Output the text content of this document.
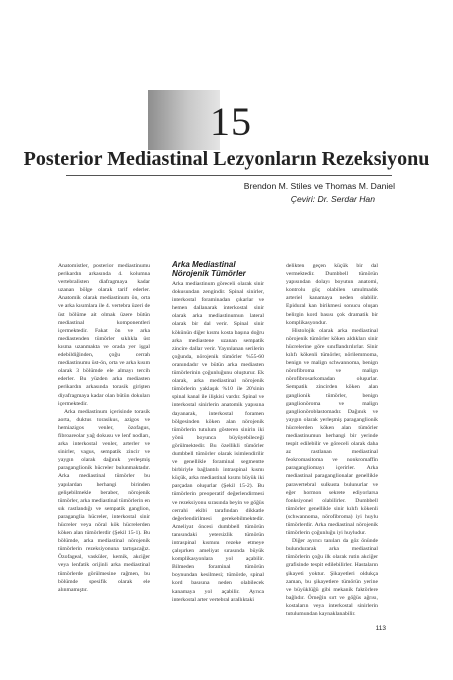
15
Posterior Mediastinal Lezyonların Rezeksiyonu
Brendon M. Stiles ve Thomas M. Daniel
Çeviri: Dr. Serdar Han

Anatomistler, posterior mediastinumu perikardın arkasında 4. kolumna vertebralisten diafragmaya kadar uzanan bölge olarak tarif ederler. Anatomik olarak mediastinum ön, orta ve arka kısımlara ile 4. vertebra üzeri de üst bölüme ait olmak üzere bütün mediastinal komponentleri içermektedir. Fakat ön ve arka mediastenden tümörler sıklıkla üst kısma uzanmakta ve orada yer işgal edebildiğinden, çoğu cerrah mediastinumu üst-ön, orta ve arka kısım olarak 3 bölümde ele almayı tercih ederler. Bu yüzden arka mediasten perikardın arkasında torasik girişten diyafragmaya kadar olan bütün dokuları içermektedir.

Arka mediastinum içerisinde torasik aorta, duktus torasikus, azigos ve hemiazigos venler, özofagus, fibroareolar yağ dokusu ve lenf nodları, arka interkostal venler, arterler ve sinirler, vagus, sempatik zincir ve yaygın olarak dağınık yerleşmiş paraganglionik hücreler bulunmaktadır. Arka mediastinal tümörler bu yapılardan herhangi birinden gelişebilmekle beraber, nörojenik tümörler, arka mediastinal tümörlerin en sık rastlandığı ve sempatik ganglion, paraganglia hücreler, interkostal sinir hücreler veya nöral kök hücrelerden köken alan tümörlerdir (Şekil 15-1). Bu bölümde, arka mediastinal nörojenik tümörlerin rezeksiyonuna tartışacağız. Özofageal, vasküler, kemik, akciğer veya lenfatik orijinli arka mediastinal tümörlerde görülmesine rağmen, bu bölümde spesifik olarak ele alınmamıştır.

Arka Mediastinal Nörojenik Tümörler

Arka mediastinum göreceli olarak sinir dokusundan zengindir. Spinal sinirler, interkostal foraminadan çıkarlar ve hemen dallanarak interkostal sinir olarak arka mediastinumun lateral olarak bir dal verir. Spinal sinir kökünün diğer kısmı kosta başına doğru arka mediastene uzanan sempatik zincire dallar verir. Yayınlanan serilerin çoğunda, nörojenik tümörler %55-60 oranındadır ve bütün arka mediasten tümörlerinin çoğunluğunu oluşturur. Ek olarak, arka mediastinal nörojenik tümörlerin yaklaşık %10 ile 20'sinin spinal kanal ile ilişkisi vardır. Spinal ve interkostal sinirlerin anatomik yapısına dayanarak, interkostal foramen bölgesinden köken alan nörojenik tümörlerin tutulum gösteren sinirin iki yönü boyunca büyüyebileceği görülmektedir. Bu özellikli tümörler dumbbell tümörler olarak isimlendirilir ve genellikle foraminal segmentte birbiriyle bağlantılı intraspinal kısmı küçük, arka mediastinal kısmı büyük iki parçadan oluşurlar (Şekil 15-2). Bu tümörlerin preoperatif değerlendirmesi ve rezeksiyonu sırasında beyin ve göğüs cerrahi ekibi tarafından dikkatle değerlendirilmesi gerekebilmektedir. Ameliyat öncesi dumbbell tümörün tanısındaki yetersizlik tümörün intraspinal kısmını rezeke etmeye çalışırken ameliyat sırasında büyük komplikasyonlara yol açabilir. Bilmeden foraminal tümörün boynundan kesilmesi; tümörde, spinal kord basısına neden olabilecek kanamaya yol açabilir. Ayrıca interkostal arter vertebral arallıktaki

delikten geçen küçük bir dal vermektedir. Dumbbell tümörün yapısından dolayı boyutun anatomi, kontrolu güç olabilen umulmadık arteriel kanamaya neden olabilir. Epidural kan birikmesi sonucu oluşan belirgin kord basısı çok dramatik bir komplikasyondur.

Histolojik olarak arka mediastinal nörojenik tümörler köken aldıkları sinir hücrelerine göre sınıflandırılırlar. Sinir kılıfı kökenli tümörler, nörilemmoma, benign ve malign schwannoma, benign nörofibroma ve malign nörofibrosarkomadan oluşurlar. Sempatik zincirden köken alan ganglionik tümörler, benign ganglionöroma ve malign ganglionöroblastomadır. Dağınık ve yaygın olarak yerleşmiş paraganglionik hücrelerden köken alan tümörler mediastinumun herhangi bir yerinde tespit edilebilir ve göreceli olarak daha az rastlanan mediastinal feokromasitoma ve nonkromaffin paragangliomayı içerirler. Arka mediastinal paraganglionalar genellikle paravertebral sulkusta bulunurlar ve eğer hormon sekrete ediyorlarsa fonksiyonel olabilirler. Dumbbell tümörler genellikle sinir kılıfı kökenli (schwannoma, nörofibroma) iyi huylu tümörlerdir. Arka mediastinal nörojenik tümörlerin çoğunluğu iyi huyludur.

Diğer ayırıcı tanıları da göz önünde bulundurarak arka mediastinal tümörlerin çoğu ilk olarak rutin akciğer grafisinde tespit edilebilirler. Hastaların şikayeti yoktur. Şikayetleri oldukça zaman, bu şikayetlere tümörün yerine ve büyüklüğü gibi mekanik faktörlere bağlıdır. Örneğin sırt ve göğüs ağrısı, kostaların veya interkostal sinirlerin tutulumundan kaynaklanabilir.

113
